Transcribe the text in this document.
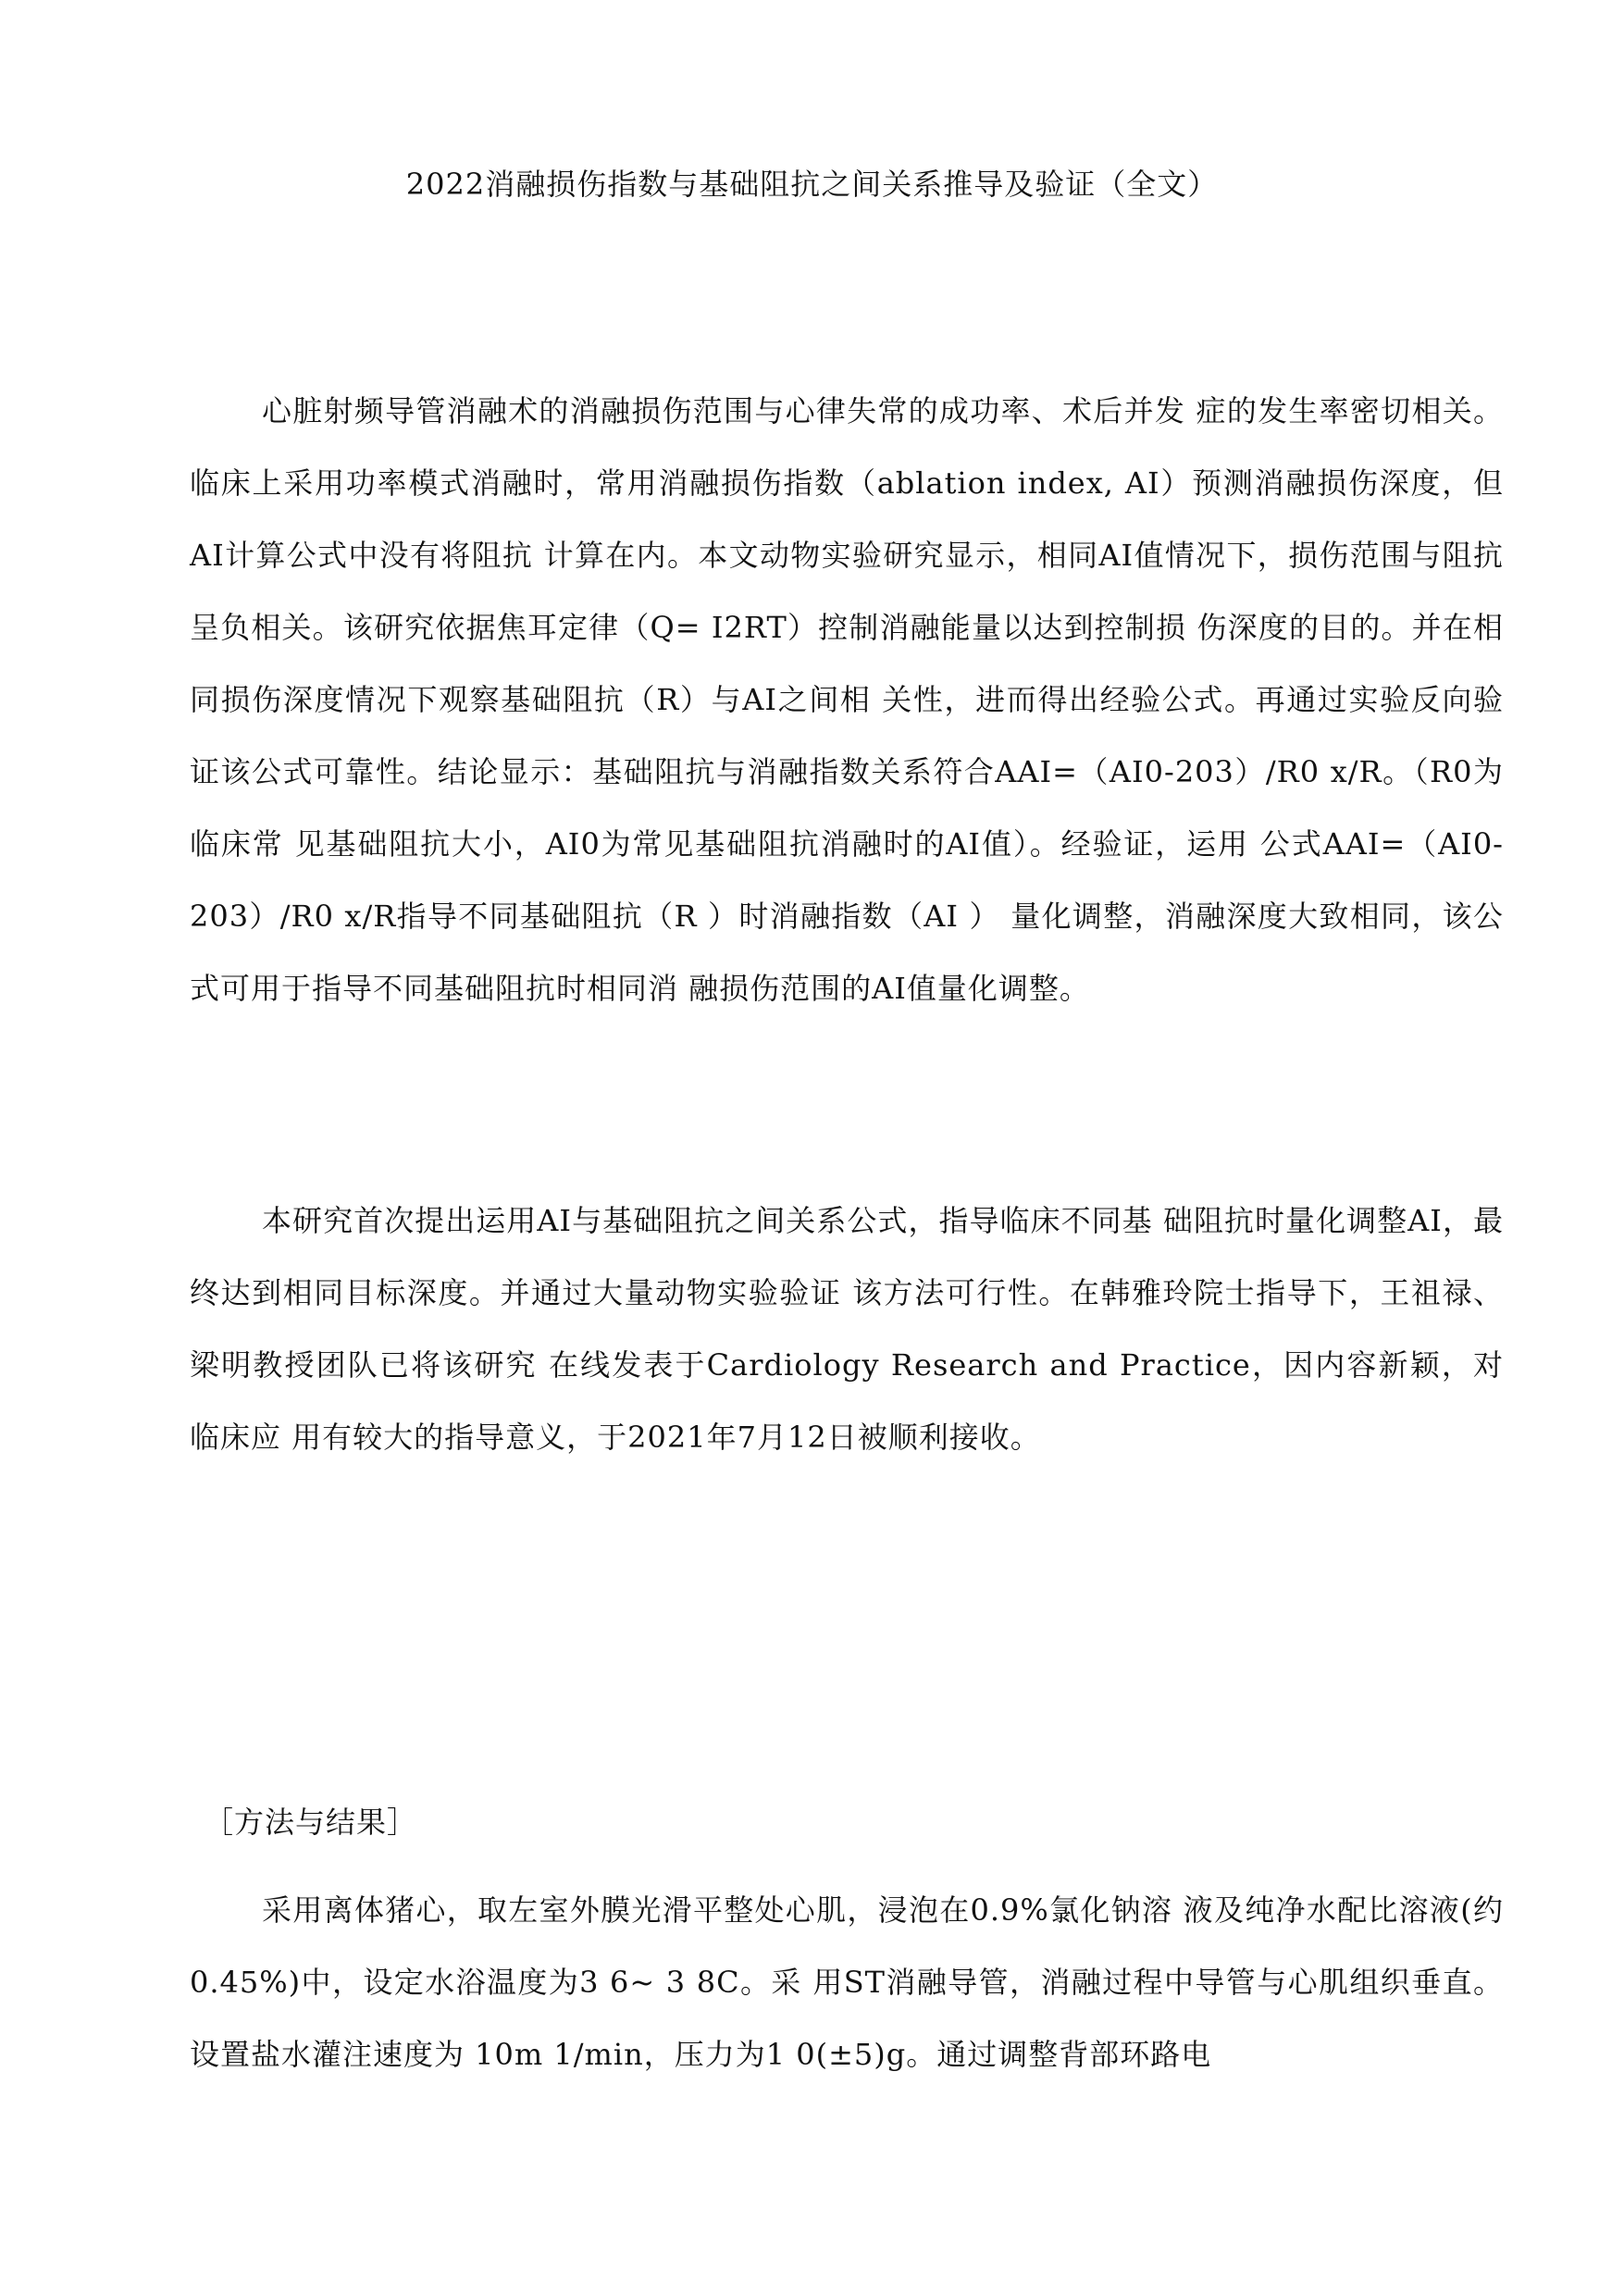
2022消融损伤指数与基础阻抗之间关系推导及验证（全文）

心脏射频导管消融术的消融损伤范围与心律失常的成功率、术后并发 症的发生率密切相关。临床上采用功率模式消融时，常用消融损伤指数（ablation index, AI）预测消融损伤深度，但AI计算公式中没有将阻抗 计算在内。本文动物实验研究显示，相同AI值情况下，损伤范围与阻抗 呈负相关。该研究依据焦耳定律（Q= I2RT）控制消融能量以达到控制损 伤深度的目的。并在相同损伤深度情况下观察基础阻抗（R）与AI之间相 关性，进而得出经验公式。再通过实验反向验证该公式可靠性。结论显示：基础阻抗与消融指数关系符合AAI=（AI0-203）/R0 x/R。（R0为临床常 见基础阻抗大小，AI0为常见基础阻抗消融时的AI值）。经验证，运用 公式AAI=（AI0-203）/R0 x/R指导不同基础阻抗（R ）时消融指数（AI ） 量化调整，消融深度大致相同，该公式可用于指导不同基础阻抗时相同消 融损伤范围的AI值量化调整。

本研究首次提出运用AI与基础阻抗之间关系公式，指导临床不同基 础阻抗时量化调整AI，最终达到相同目标深度。并通过大量动物实验验证 该方法可行性。在韩雅玲院士指导下，王祖禄、梁明教授团队已将该研究 在线发表于Cardiology Research and Practice，因内容新颖，对临床应 用有较大的指导意义，于2021年7月12日被顺利接收。

［方法与结果］

采用离体猪心，取左室外膜光滑平整处心肌，浸泡在0.9%氯化钠溶 液及纯净水配比溶液(约0.45%)中，设定水浴温度为3 6~ 3 8C。采 用ST消融导管，消融过程中导管与心肌组织垂直。设置盐水灌注速度为 10m 1/min，压力为1 0(±5)g。通过调整背部环路电
